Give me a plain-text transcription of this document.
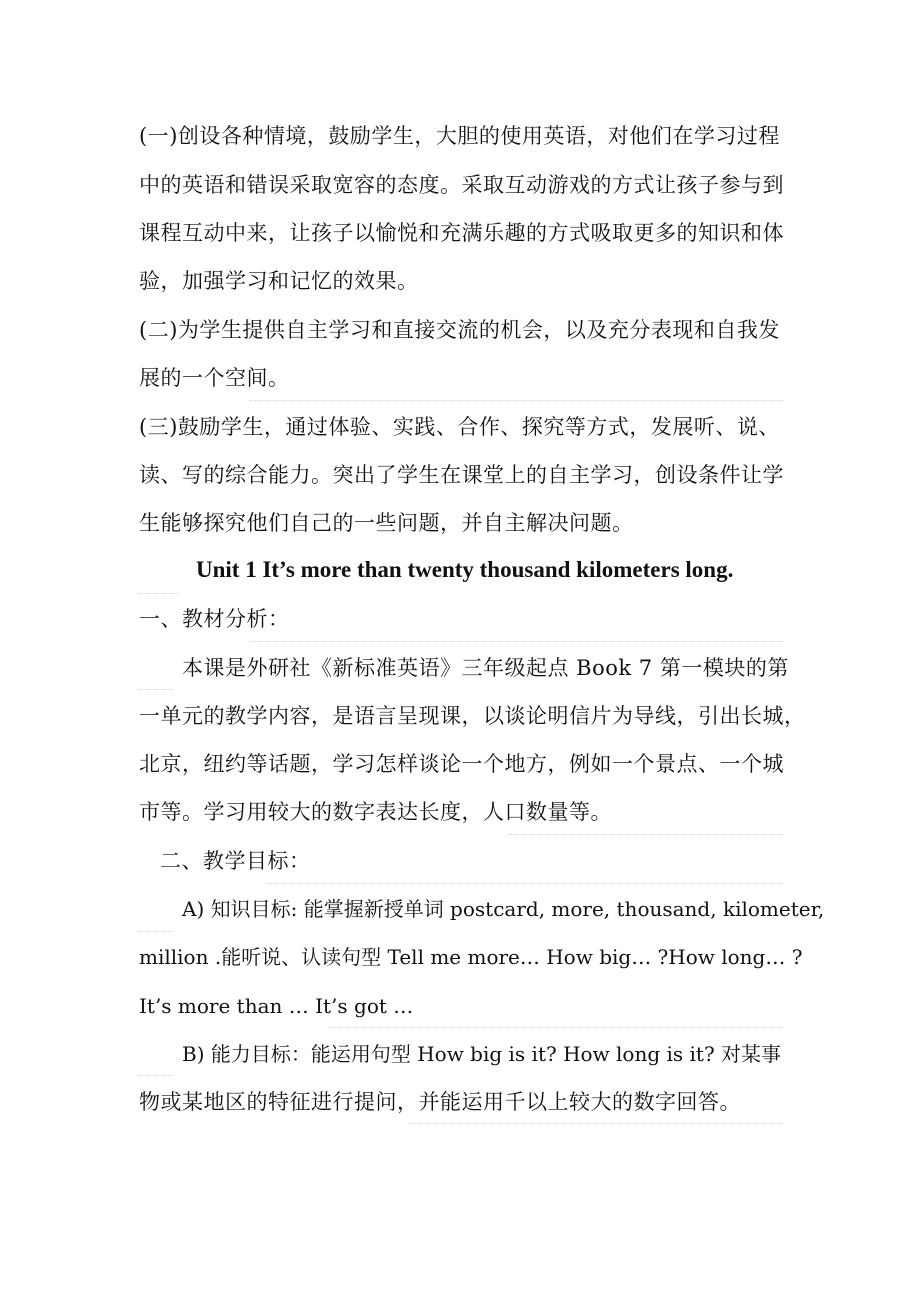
(一)创设各种情境，鼓励学生，大胆的使用英语，对他们在学习过程
中的英语和错误采取宽容的态度。采取互动游戏的方式让孩子参与到
课程互动中来，让孩子以愉悦和充满乐趣的方式吸取更多的知识和体
验，加强学习和记忆的效果。
(二)为学生提供自主学习和直接交流的机会，以及充分表现和自我发
展的一个空间。
(三)鼓励学生，通过体验、实践、合作、探究等方式，发展听、说、
读、写的综合能力。突出了学生在课堂上的自主学习，创设条件让学
生能够探究他们自己的一些问题，并自主解决问题。
Unit 1 It’s more than twenty thousand kilometers long.
一、教材分析：
本课是外研社《新标准英语》三年级起点 Book 7 第一模块的第
一单元的教学内容，是语言呈现课，以谈论明信片为导线，引出长城，
北京，纽约等话题，学习怎样谈论一个地方，例如一个景点、一个城
市等。学习用较大的数字表达长度，人口数量等。
二、教学目标：
A) 知识目标: 能掌握新授单词 postcard, more, thousand, kilometer,
million .能听说、认读句型 Tell me more… How big… ?How long… ?
It’s more than … It’s got …
B) 能力目标：能运用句型 How big is it? How long is it? 对某事
物或某地区的特征进行提问，并能运用千以上较大的数字回答。
